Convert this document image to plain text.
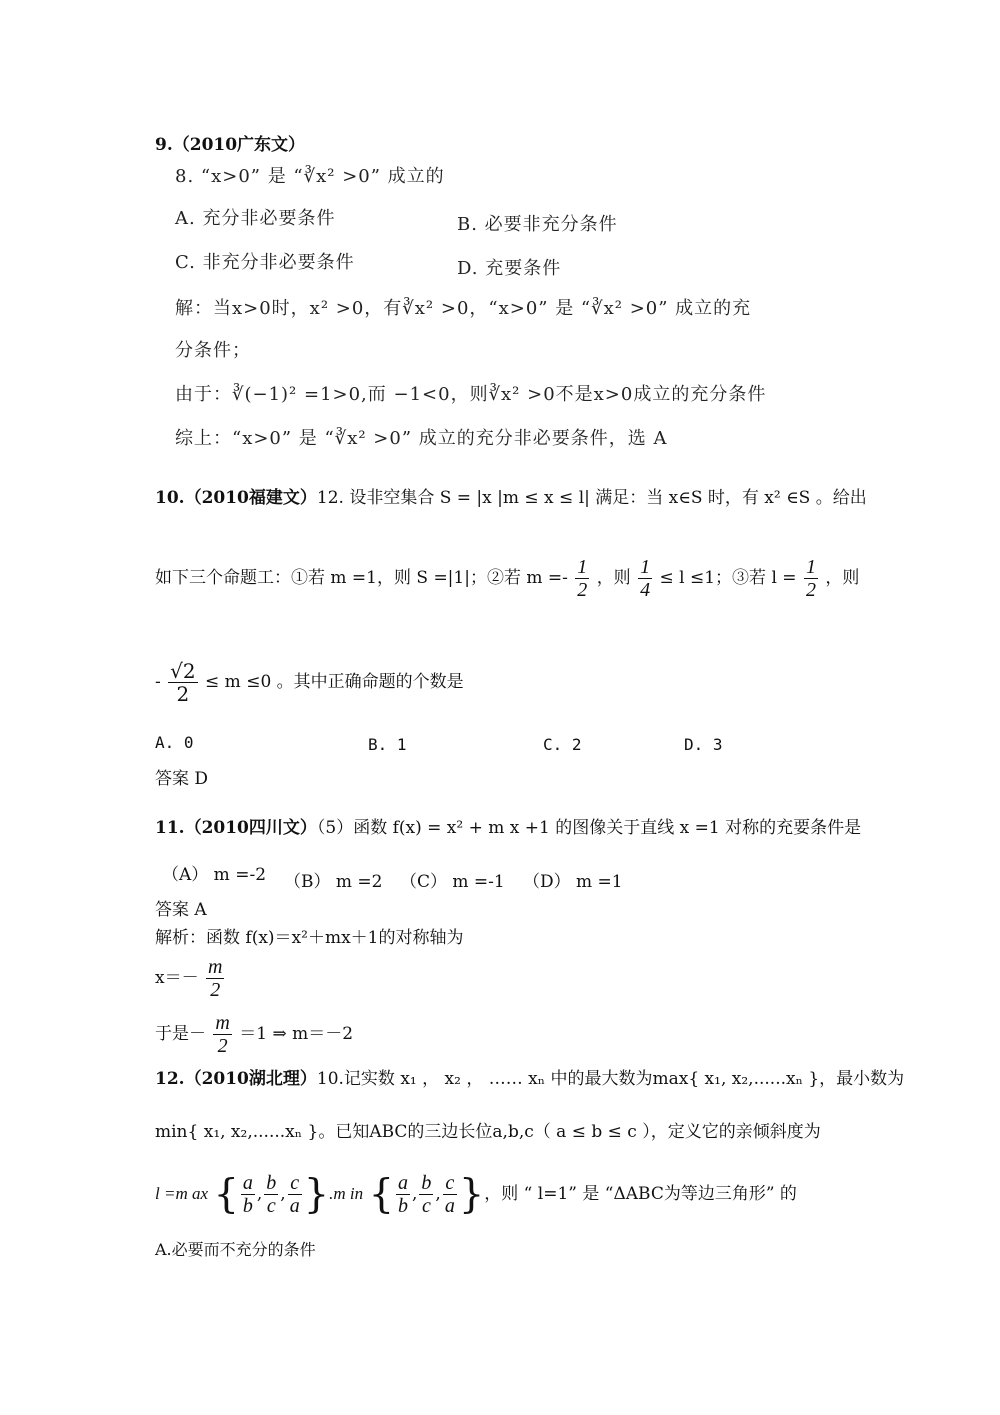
9.（2010广东文）
8. “x>0” 是 “∛x² >0” 成立的
A. 充分非必要条件	B. 必要非充分条件
C. 非充分非必要条件	D. 充要条件
解：当x>0时，x² >0，有∛x² >0，“x>0” 是 “∛x² >0” 成立的充
分条件；
由于：∛(−1)² =1>0,而 −1<0，则∛x² >0不是x>0成立的充分条件
综上：“x>0” 是 “∛x² >0” 成立的充分非必要条件，选 A
10.（2010福建文）12. 设非空集合 S = |x |m ≤ x ≤ l| 满足：当 x∈S 时，有 x² ∈S 。给出
如下三个命题工：①若 m =1，则 S =|1|；②若 $m =- \frac{1}{2}$ ，则 $\frac{1}{4} \le l \le 1$；③若 $l = \frac{1}{2}$ ，则
- $\frac{√2}{2} \le m \le 0$ 。其中正确命题的个数是
A. 0	B. 1	C. 2	D. 3
答案 D
11.（2010四川文）（5）函数 f(x) = x² + m x +1 的图像关于直线 x =1 对称的充要条件是
（A） m =-2 （B） m =2 （C） m =-1 （D） m =1
答案 A
解析：函数 f(x)＝x²＋mx＋1的对称轴为
$x=- \frac{m}{2}$
于是－ $\frac{m}{2} =1$ ⇒ m＝－2
12.（2010湖北理）10.记实数 x₁ ， x₂ ， …… xₙ 中的最大数为max{ x₁, x₂,......xₙ }，最小数为
min{ x₁, x₂,......xₙ }。已知ABC的三边长位a,b,c（ a ≤ b ≤ c ），定义它的亲倾斜度为
l =m ax { $\frac{a}{b}$ , $\frac{b}{c}$ , $\frac{c}{a} \}.m$ in { $\frac{a}{b}$ , $\frac{b}{c}$ , $\frac{c}{a}$ }，则 “ l=1” 是 “ΔABC为等边三角形” 的
A.必要而不充分的条件
